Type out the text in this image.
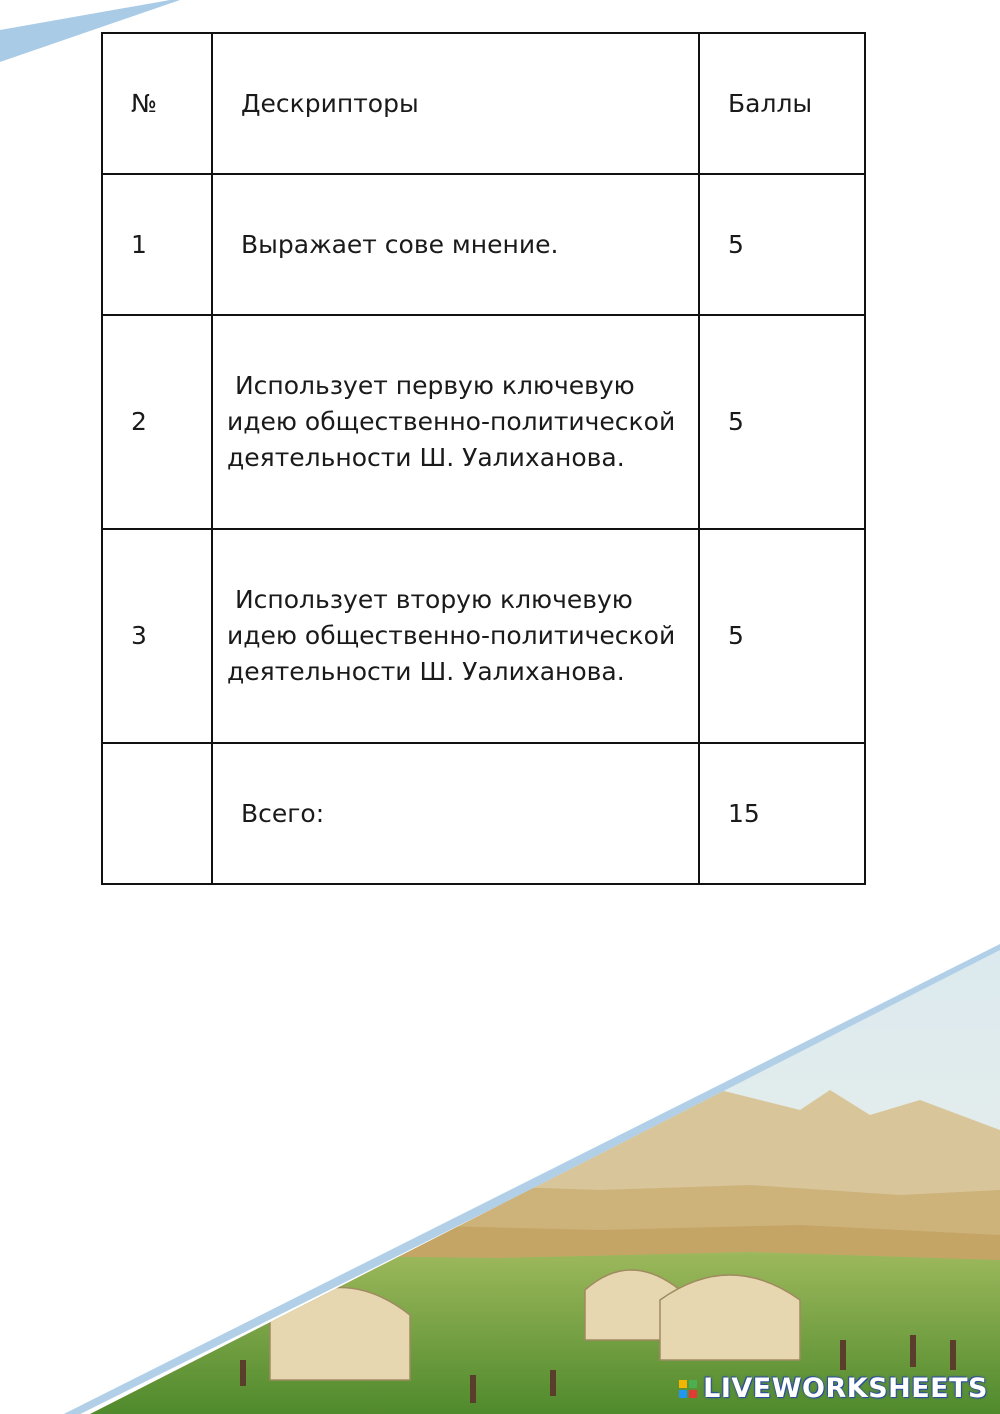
№	Дескрипторы	Баллы
1	Выражает сове мнение.	5
2	Использует первую ключевую
идею общественно-политической
деятельности Ш. Уалиханова.	5
3	Использует вторую ключевую
идею общественно-политической
деятельности Ш. Уалиханова.	5

	Всего:	15
LIVEWORKSHEETS
